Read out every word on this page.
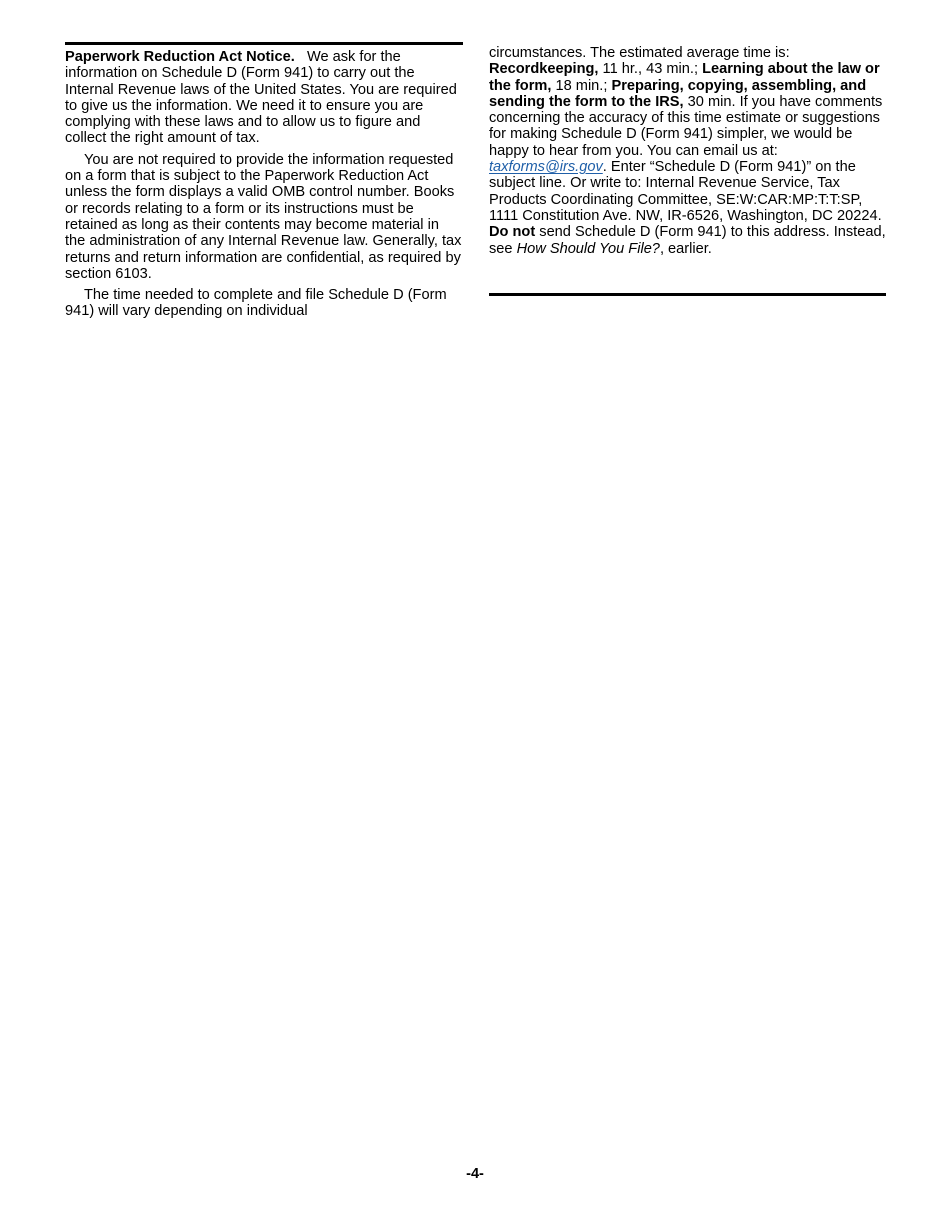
Paperwork Reduction Act Notice. We ask for the information on Schedule D (Form 941) to carry out the Internal Revenue laws of the United States. You are required to give us the information. We need it to ensure you are complying with these laws and to allow us to figure and collect the right amount of tax.

You are not required to provide the information requested on a form that is subject to the Paperwork Reduction Act unless the form displays a valid OMB control number. Books or records relating to a form or its instructions must be retained as long as their contents may become material in the administration of any Internal Revenue law. Generally, tax returns and return information are confidential, as required by section 6103.

The time needed to complete and file Schedule D (Form 941) will vary depending on individual

circumstances. The estimated average time is:
Recordkeeping, 11 hr., 43 min.; Learning about the law or the form, 18 min.; Preparing, copying, assembling, and sending the form to the IRS, 30 min. If you have comments concerning the accuracy of this time estimate or suggestions for making Schedule D (Form 941) simpler, we would be happy to hear from you. You can email us at: taxforms@irs.gov. Enter “Schedule D (Form 941)” on the subject line. Or write to: Internal Revenue Service, Tax Products Coordinating Committee, SE:W:CAR:MP:T:T:SP, 1111 Constitution Ave. NW, IR-6526, Washington, DC 20224. Do not send Schedule D (Form 941) to this address. Instead, see How Should You File?, earlier.

-4-
